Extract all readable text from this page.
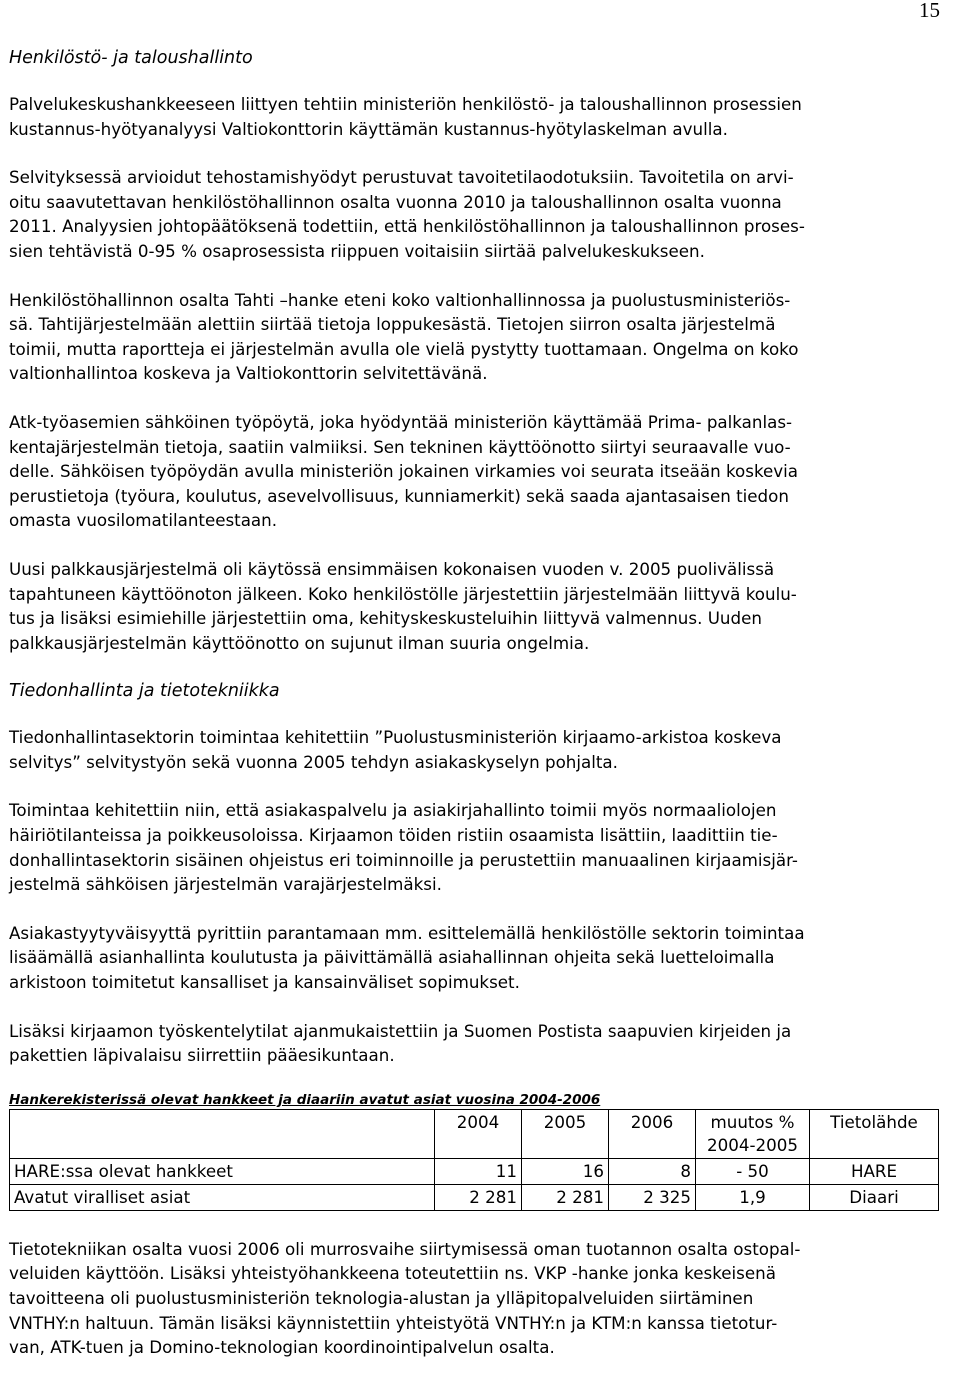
15
Henkilöstö- ja taloushallinto

Palvelukeskushankkeeseen liittyen tehtiin ministeriön henkilöstö- ja taloushallinnon prosessien
kustannus-hyötyanalyysi Valtiokonttorin käyttämän kustannus-hyötylaskelman avulla.

Selvityksessä arvioidut tehostamishyödyt perustuvat tavoitetilaodotuksiin. Tavoitetila on arvi-
oitu saavutettavan henkilöstöhallinnon osalta vuonna 2010 ja taloushallinnon osalta vuonna
2011. Analyysien johtopäätöksenä todettiin, että henkilöstöhallinnon ja taloushallinnon proses-
sien tehtävistä 0-95 % osaprosessista riippuen voitaisiin siirtää palvelukeskukseen.

Henkilöstöhallinnon osalta Tahti –hanke eteni koko valtionhallinnossa ja puolustusministeriös-
sä. Tahtijärjestelmään alettiin siirtää tietoja loppukesästä. Tietojen siirron osalta järjestelmä
toimii, mutta raportteja ei järjestelmän avulla ole vielä pystytty tuottamaan. Ongelma on koko
valtionhallintoa koskeva ja Valtiokonttorin selvitettävänä.

Atk-työasemien sähköinen työpöytä, joka hyödyntää ministeriön käyttämää Prima- palkanlas-
kentajärjestelmän tietoja, saatiin valmiiksi. Sen tekninen käyttöönotto siirtyi seuraavalle vuo-
delle. Sähköisen työpöydän avulla ministeriön jokainen virkamies voi seurata itseään koskevia
perustietoja (työura, koulutus, asevelvollisuus, kunniamerkit) sekä saada ajantasaisen tiedon
omasta vuosilomatilanteestaan.

Uusi palkkausjärjestelmä oli käytössä ensimmäisen kokonaisen vuoden v. 2005 puolivälissä
tapahtuneen käyttöönoton jälkeen. Koko henkilöstölle järjestettiin järjestelmään liittyvä koulu-
tus ja lisäksi esimiehille järjestettiin oma, kehityskeskusteluihin liittyvä valmennus. Uuden
palkkausjärjestelmän käyttöönotto on sujunut ilman suuria ongelmia.

Tiedonhallinta ja tietotekniikka

Tiedonhallintasektorin toimintaa kehitettiin ”Puolustusministeriön kirjaamo-arkistoa koskeva
selvitys” selvitystyön sekä vuonna 2005 tehdyn asiakaskyselyn pohjalta.

Toimintaa kehitettiin niin, että asiakaspalvelu ja asiakirjahallinto toimii myös normaaliolojen
häiriötilanteissa ja poikkeusoloissa. Kirjaamon töiden ristiin osaamista lisättiin, laadittiin tie-
donhallintasektorin sisäinen ohjeistus eri toiminnoille ja perustettiin manuaalinen kirjaamisjär-
jestelmä sähköisen järjestelmän varajärjestelmäksi.

Asiakastyytyväisyyttä pyrittiin parantamaan mm. esittelemällä henkilöstölle sektorin toimintaa
lisäämällä asianhallinta koulutusta ja päivittämällä asiahallinnan ohjeita sekä luetteloimalla
arkistoon toimitetut kansalliset ja kansainväliset sopimukset.

Lisäksi kirjaamon työskentelytilat ajanmukaistettiin ja Suomen Postista saapuvien kirjeiden ja
pakettien läpivalaisu siirrettiin pääesikuntaan.

Hankerekisterissä olevat hankkeet ja diaariin avatut asiat vuosina 2004-2006
	2004	2005	2006	muutos %
2004-2005	Tietolähde
HARE:ssa olevat hankkeet	11	16	8	- 50	HARE
Avatut viralliset asiat	2 281	2 281	2 325	1,9	Diaari

Tietotekniikan osalta vuosi 2006 oli murrosvaihe siirtymisessä oman tuotannon osalta ostopal-
veluiden käyttöön. Lisäksi yhteistyöhankkeena toteutettiin ns. VKP -hanke jonka keskeisenä
tavoitteena oli puolustusministeriön teknologia-alustan ja ylläpitopalveluiden siirtäminen
VNTHY:n haltuun. Tämän lisäksi käynnistettiin yhteistyötä VNTHY:n ja KTM:n kanssa tietotur-
van, ATK-tuen ja Domino-teknologian koordinointipalvelun osalta.
